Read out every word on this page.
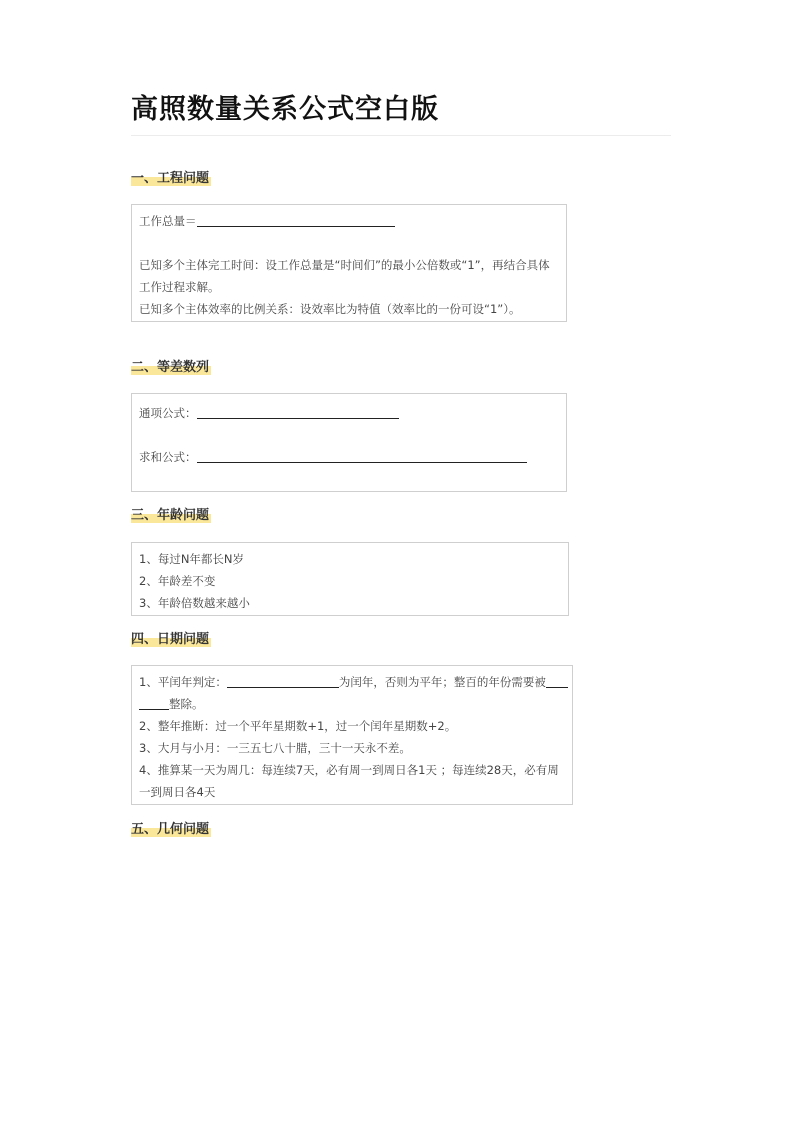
高照数量关系公式空白版
一、工程问题
工作总量＝
已知多个主体完工时间：设工作总量是“时间们”的最小公倍数或“1”，再结合具体
工作过程求解。
已知多个主体效率的比例关系：设效率比为特值（效率比的一份可设“1”）。
二、等差数列
通项公式：
求和公式：
三、年龄问题
1、每过N年都长N岁
2、年龄差不变
3、年龄倍数越来越小
四、日期问题
1、平闰年判定：	为闰年，否则为平年；整百的年份需要被
整除。
2、整年推断：过一个平年星期数+1，过一个闰年星期数+2。
3、大月与小月：一三五七八十腊，三十一天永不差。
4、推算某一天为周几：每连续7天，必有周一到周日各1天 ；每连续28天，必有周
一到周日各4天
五、几何问题
